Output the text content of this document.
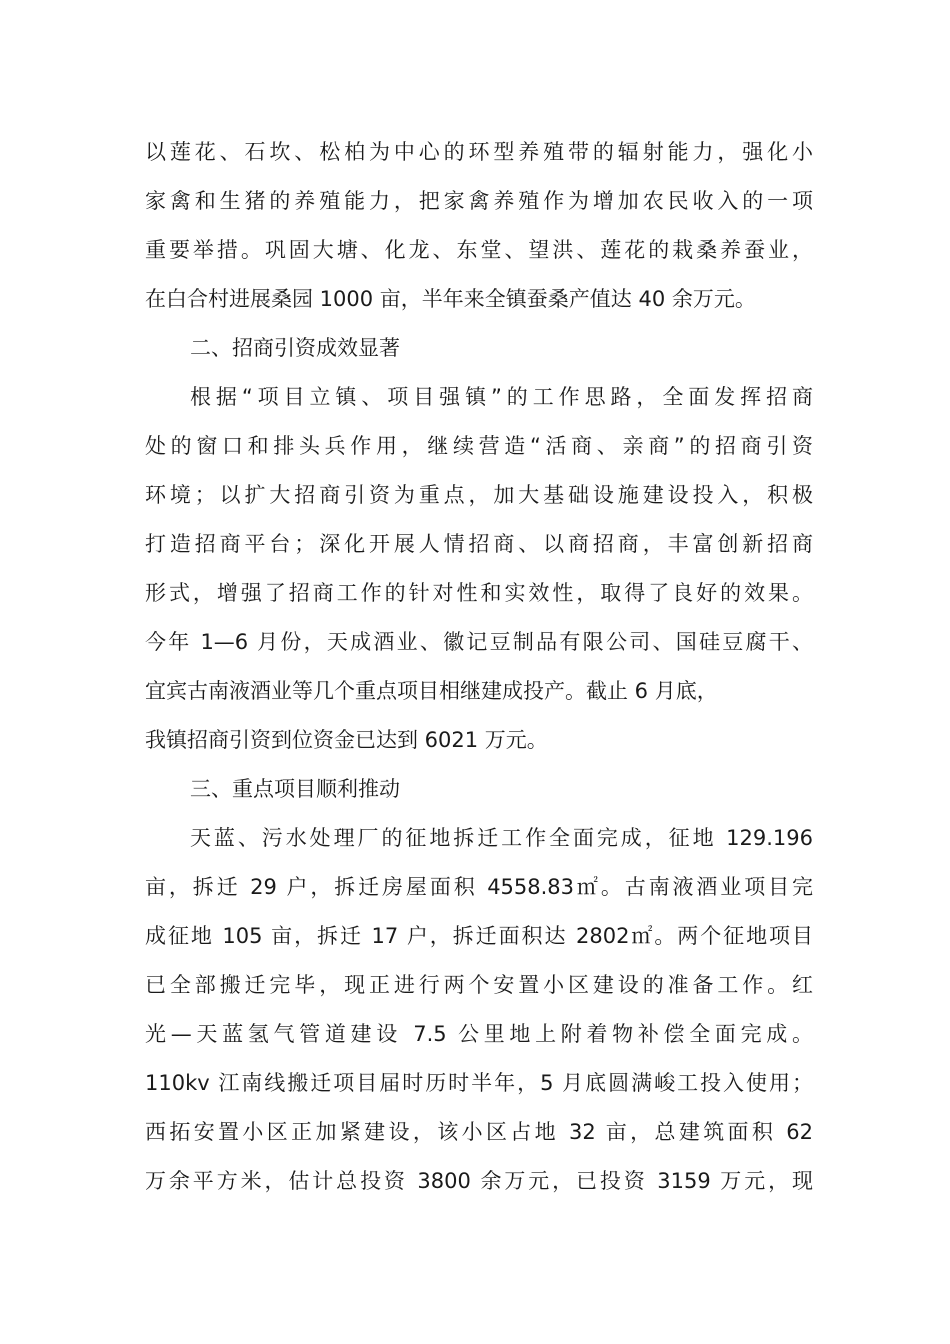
以莲花、石坎、松柏为中心的环型养殖带的辐射能力，强化小
家禽和生猪的养殖能力，把家禽养殖作为增加农民收入的一项
重要举措。巩固大塘、化龙、东堂、望洪、莲花的栽桑养蚕业，
在白合村进展桑园 1000 亩，半年来全镇蚕桑产值达 40 余万元。
二、招商引资成效显著
根据“项目立镇、项目强镇”的工作思路，全面发挥招商
处的窗口和排头兵作用，继续营造“活商、亲商”的招商引资
环境；以扩大招商引资为重点，加大基础设施建设投入，积极
打造招商平台；深化开展人情招商、以商招商，丰富创新招商
形式，增强了招商工作的针对性和实效性，取得了良好的效果。
今年 1—6 月份，天成酒业、徽记豆制品有限公司、国硅豆腐干、
宜宾古南液酒业等几个重点项目相继建成投产。截止 6 月底，
我镇招商引资到位资金已达到 6021 万元。
三、重点项目顺利推动
天蓝、污水处理厂的征地拆迁工作全面完成，征地 129.196
亩，拆迁 29 户，拆迁房屋面积 4558.83㎡。古南液酒业项目完
成征地 105 亩，拆迁 17 户，拆迁面积达 2802㎡。两个征地项目
已全部搬迁完毕，现正进行两个安置小区建设的准备工作。红
光—天蓝氢气管道建设 7.5 公里地上附着物补偿全面完成。
110kv 江南线搬迁项目届时历时半年，5 月底圆满峻工投入使用；
西拓安置小区正加紧建设，该小区占地 32 亩，总建筑面积 62
万余平方米，估计总投资 3800 余万元，已投资 3159 万元，现
